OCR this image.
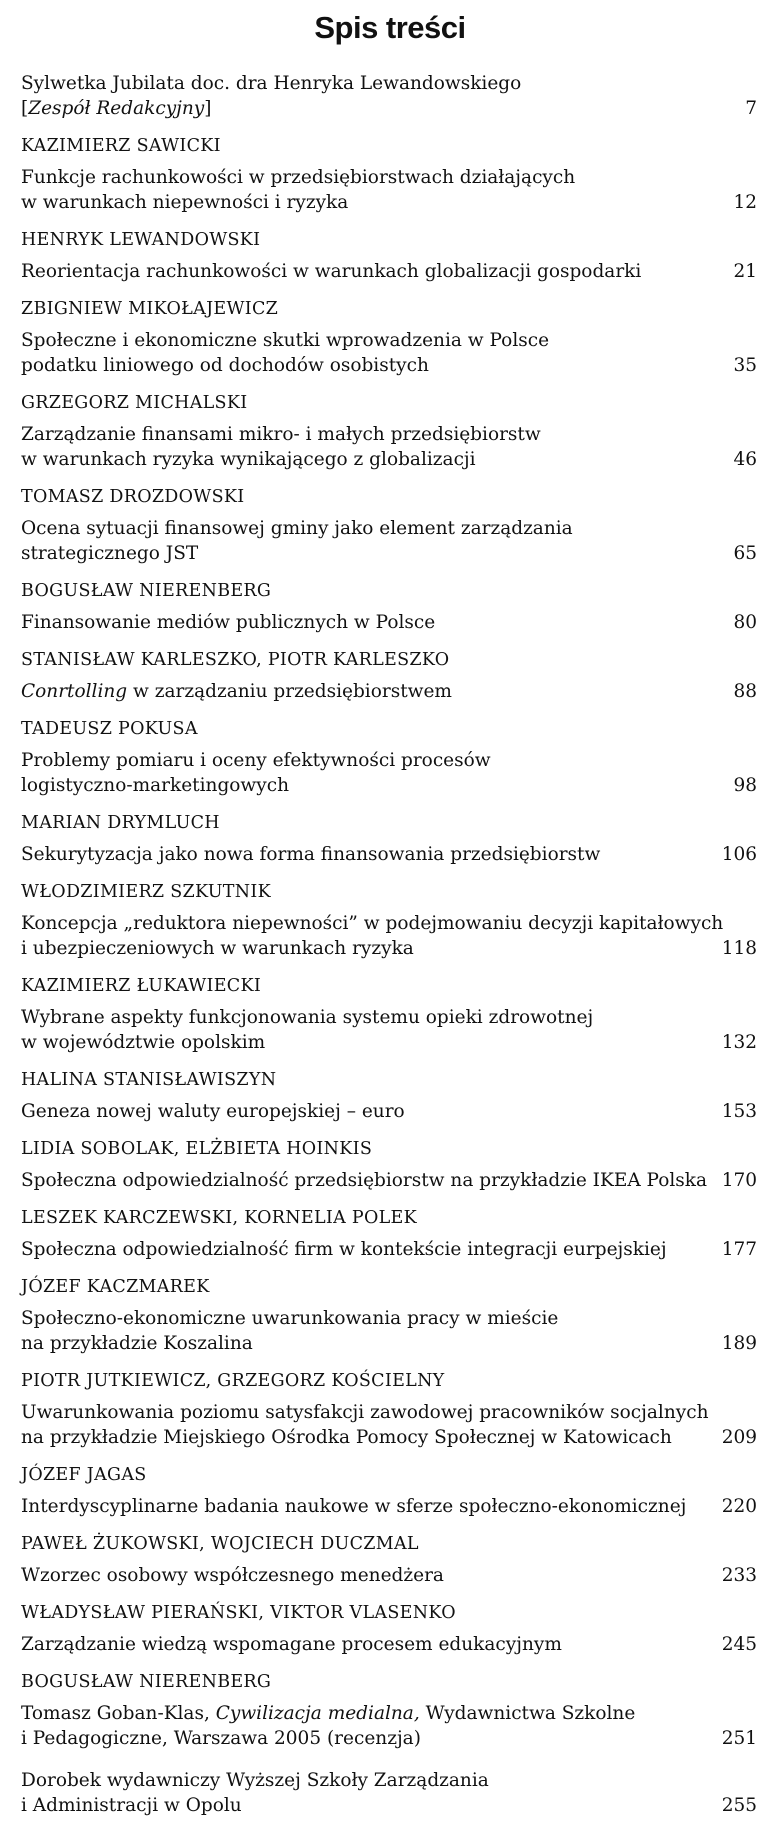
Spis treści
Sylwetka Jubilata doc. dra Henryka Lewandowskiego
[Zespół Redakcyjny]	7
KAZIMIERZ SAWICKI
Funkcje rachunkowości w przedsiębiorstwach działających
w warunkach niepewności i ryzyka	12
HENRYK LEWANDOWSKI
Reorientacja rachunkowości w warunkach globalizacji gospodarki	21
ZBIGNIEW MIKOŁAJEWICZ
Społeczne i ekonomiczne skutki wprowadzenia w Polsce
podatku liniowego od dochodów osobistych	35
GRZEGORZ MICHALSKI
Zarządzanie finansami mikro- i małych przedsiębiorstw
w warunkach ryzyka wynikającego z globalizacji	46
TOMASZ DROZDOWSKI
Ocena sytuacji finansowej gminy jako element zarządzania
strategicznego JST	65
BOGUSŁAW NIERENBERG
Finansowanie mediów publicznych w Polsce	80
STANISŁAW KARLESZKO, PIOTR KARLESZKO
Conrtolling w zarządzaniu przedsiębiorstwem	88
TADEUSZ POKUSA
Problemy pomiaru i oceny efektywności procesów
logistyczno-marketingowych	98
MARIAN DRYMLUCH
Sekurytyzacja jako nowa forma finansowania przedsiębiorstw	106
WŁODZIMIERZ SZKUTNIK
Koncepcja „reduktora niepewności” w podejmowaniu decyzji kapitałowych
i ubezpieczeniowych w warunkach ryzyka	118
KAZIMIERZ ŁUKAWIECKI
Wybrane aspekty funkcjonowania systemu opieki zdrowotnej
w województwie opolskim	132
HALINA STANISŁAWISZYN
Geneza nowej waluty europejskiej – euro	153
LIDIA SOBOLAK, ELŻBIETA HOINKIS
Społeczna odpowiedzialność przedsiębiorstw na przykładzie IKEA Polska 170
LESZEK KARCZEWSKI, KORNELIA POLEK
Społeczna odpowiedzialność firm w kontekście integracji eurpejskiej	177
JÓZEF KACZMAREK
Społeczno-ekonomiczne uwarunkowania pracy w mieście
na przykładzie Koszalina	189
PIOTR JUTKIEWICZ, GRZEGORZ KOŚCIELNY
Uwarunkowania poziomu satysfakcji zawodowej pracowników socjalnych
na przykładzie Miejskiego Ośrodka Pomocy Społecznej w Katowicach	209
JÓZEF JAGAS
Interdyscyplinarne badania naukowe w sferze społeczno-ekonomicznej	220
PAWEŁ ŻUKOWSKI, WOJCIECH DUCZMAL
Wzorzec osobowy współczesnego menedżera	233
WŁADYSŁAW PIERAŃSKI, VIKTOR VLASENKO
Zarządzanie wiedzą wspomagane procesem edukacyjnym	245
BOGUSŁAW NIERENBERG
Tomasz Goban-Klas, Cywilizacja medialna, Wydawnictwa Szkolne
i Pedagogiczne, Warszawa 2005 (recenzja)	251
Dorobek wydawniczy Wyższej Szkoły Zarządzania
i Administracji w Opolu	255
